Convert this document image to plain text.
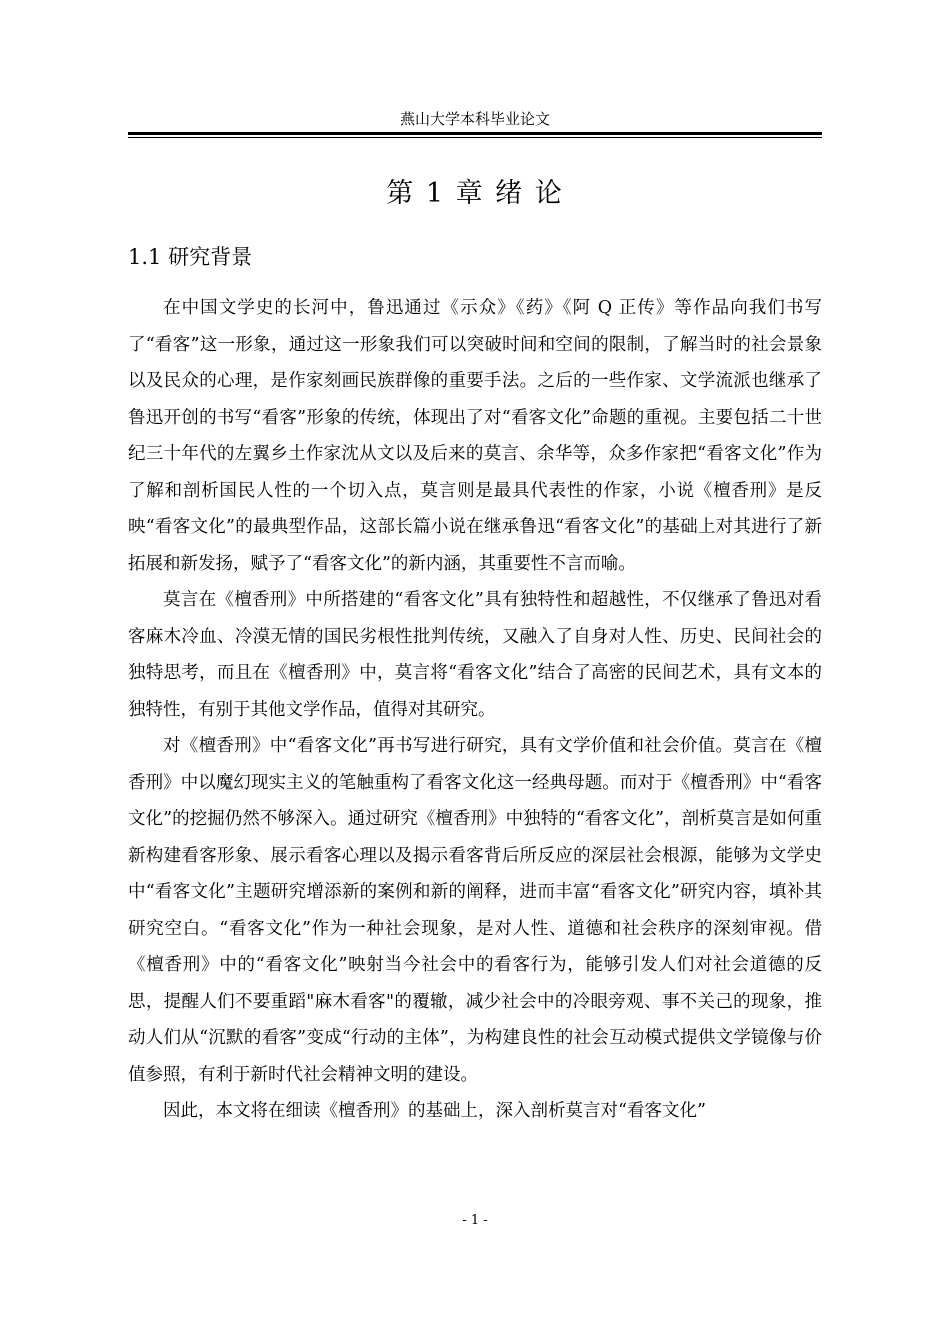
燕山大学本科毕业论文
第 1 章 绪 论
1.1 研究背景

在中国文学史的长河中，鲁迅通过《示众》《药》《阿 Q 正传》等作品向我们书写了“看客”这一形象，通过这一形象我们可以突破时间和空间的限制，了解当时的社会景象以及民众的心理，是作家刻画民族群像的重要手法。之后的一些作家、文学流派也继承了鲁迅开创的书写“看客”形象的传统，体现出了对“看客文化”命题的重视。主要包括二十世纪三十年代的左翼乡土作家沈从文以及后来的莫言、余华等，众多作家把“看客文化”作为了解和剖析国民人性的一个切入点，莫言则是最具代表性的作家，小说《檀香刑》是反映“看客文化”的最典型作品，这部长篇小说在继承鲁迅“看客文化”的基础上对其进行了新拓展和新发扬，赋予了“看客文化”的新内涵，其重要性不言而喻。

莫言在《檀香刑》中所搭建的“看客文化”具有独特性和超越性，不仅继承了鲁迅对看客麻木冷血、冷漠无情的国民劣根性批判传统，又融入了自身对人性、历史、民间社会的独特思考，而且在《檀香刑》中，莫言将“看客文化”结合了高密的民间艺术，具有文本的独特性，有别于其他文学作品，值得对其研究。

对《檀香刑》中“看客文化”再书写进行研究，具有文学价值和社会价值。莫言在《檀香刑》中以魔幻现实主义的笔触重构了看客文化这一经典母题。而对于《檀香刑》中“看客文化”的挖掘仍然不够深入。通过研究《檀香刑》中独特的“看客文化”，剖析莫言是如何重新构建看客形象、展示看客心理以及揭示看客背后所反应的深层社会根源，能够为文学史中“看客文化”主题研究增添新的案例和新的阐释，进而丰富“看客文化”研究内容，填补其研究空白。“看客文化”作为一种社会现象，是对人性、道德和社会秩序的深刻审视。借《檀香刑》中的“看客文化”映射当今社会中的看客行为，能够引发人们对社会道德的反思，提醒人们不要重蹈"麻木看客"的覆辙，减少社会中的冷眼旁观、事不关己的现象，推动人们从“沉默的看客”变成“行动的主体”，为构建良性的社会互动模式提供文学镜像与价值参照，有利于新时代社会精神文明的建设。

因此，本文将在细读《檀香刑》的基础上，深入剖析莫言对“看客文化”

- 1 -
